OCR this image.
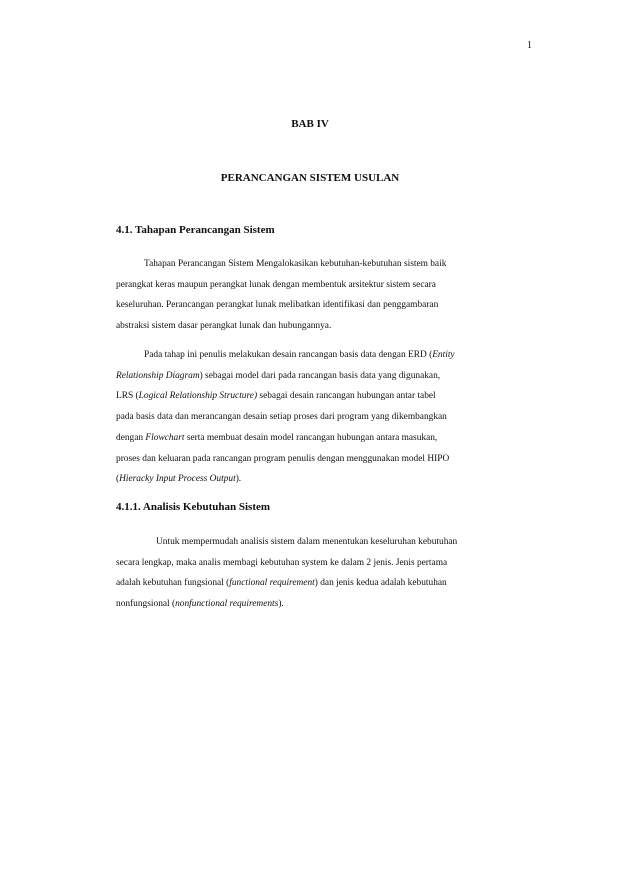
1
BAB IV
PERANCANGAN SISTEM USULAN
4.1. Tahapan Perancangan Sistem
Tahapan Perancangan Sistem Mengalokasikan kebutuhan-kebutuhan sistem baik
perangkat keras maupun perangkat lunak dengan membentuk arsitektur sistem secara
keseluruhan. Perancangan perangkat lunak melibatkan identifikasi dan penggambaran
abstraksi sistem dasar perangkat lunak dan hubungannya.
Pada tahap ini penulis melakukan desain rancangan basis data dengan ERD (Entity
Relationship Diagram) sebagai model dari pada rancangan basis data yang digunakan,
LRS (Logical Relationship Structure) sebagai desain rancangan hubungan antar tabel
pada basis data dan merancangan desain setiap proses dari program yang dikembangkan
dengan Flowchart serta membuat desain model rancangan hubungan antara masukan,
proses dan keluaran pada rancangan program penulis dengan menggunakan model HIPO
(Hieracky Input Process Output).
4.1.1. Analisis Kebutuhan Sistem
Untuk mempermudah analisis sistem dalam menentukan keseluruhan kebutuhan
secara lengkap, maka analis membagi kebutuhan system ke dalam 2 jenis. Jenis pertama
adalah kebutuhan fungsional (functional requirement) dan jenis kedua adalah kebutuhan
nonfungsional (nonfunctional requirements).
